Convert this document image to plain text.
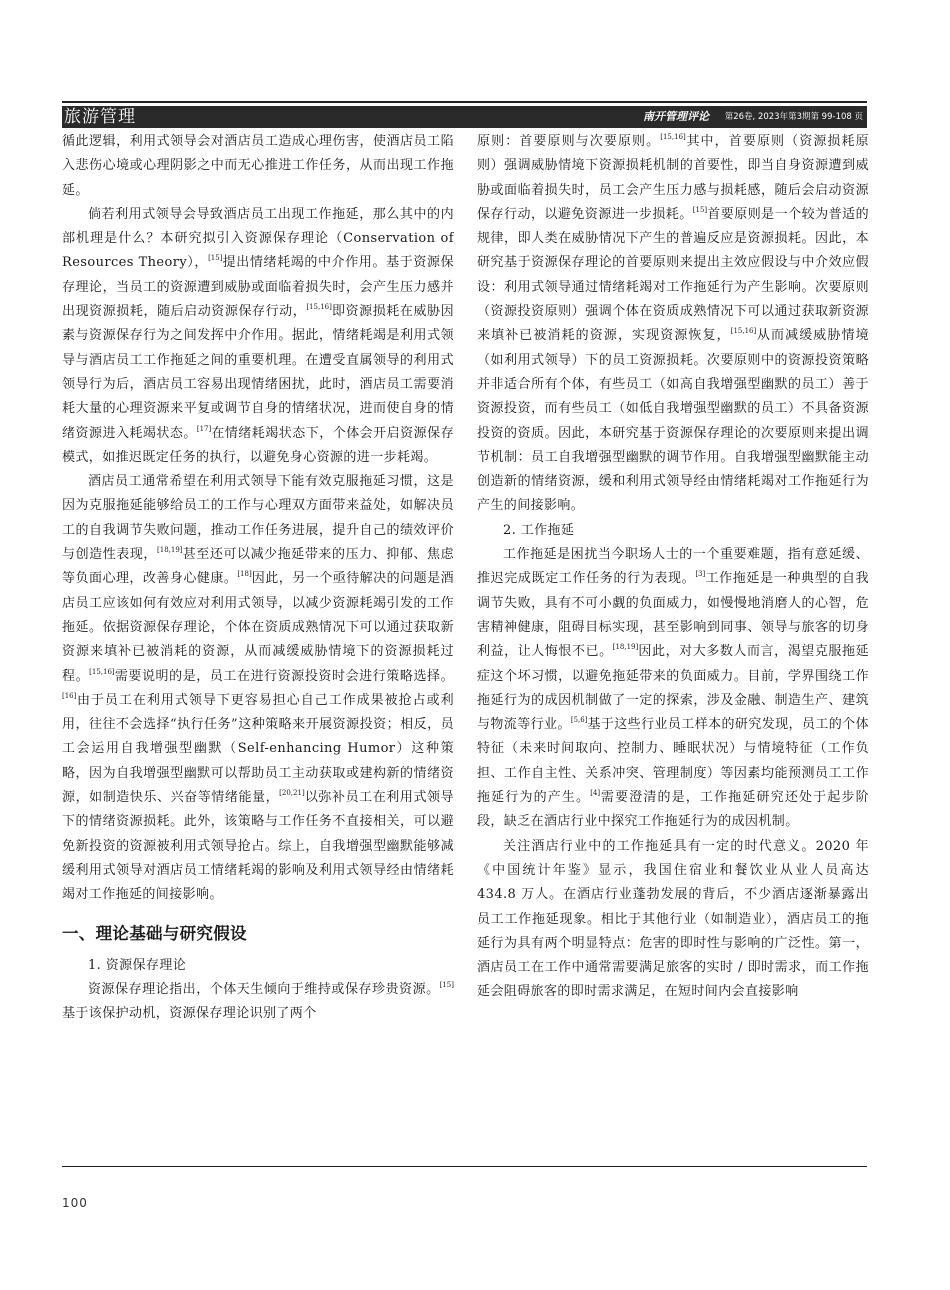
旅游管理	南开管理评论 第26卷, 2023年第3期第 99-108 页

循此逻辑，利用式领导会对酒店员工造成心理伤害，使酒店员工陷入悲伤心境或心理阴影之中而无心推进工作任务，从而出现工作拖延。

倘若利用式领导会导致酒店员工出现工作拖延，那么其中的内部机理是什么？本研究拟引入资源保存理论（Conservation of Resources Theory），[15]提出情绪耗竭的中介作用。基于资源保存理论，当员工的资源遭到威胁或面临着损失时，会产生压力感并出现资源损耗，随后启动资源保存行动，[15,16]即资源损耗在威胁因素与资源保存行为之间发挥中介作用。据此，情绪耗竭是利用式领导与酒店员工工作拖延之间的重要机理。在遭受直属领导的利用式领导行为后，酒店员工容易出现情绪困扰，此时，酒店员工需要消耗大量的心理资源来平复或调节自身的情绪状况，进而使自身的情绪资源进入耗竭状态。[17]在情绪耗竭状态下，个体会开启资源保存模式，如推迟既定任务的执行，以避免身心资源的进一步耗竭。

酒店员工通常希望在利用式领导下能有效克服拖延习惯，这是因为克服拖延能够给员工的工作与心理双方面带来益处，如解决员工的自我调节失败问题，推动工作任务进展，提升自己的绩效评价与创造性表现，[18,19]甚至还可以减少拖延带来的压力、抑郁、焦虑等负面心理，改善身心健康。[18]因此，另一个亟待解决的问题是酒店员工应该如何有效应对利用式领导，以减少资源耗竭引发的工作拖延。依据资源保存理论，个体在资质成熟情况下可以通过获取新资源来填补已被消耗的资源，从而减缓威胁情境下的资源损耗过程。[15,16]需要说明的是，员工在进行资源投资时会进行策略选择。[16]由于员工在利用式领导下更容易担心自己工作成果被抢占或利用，往往不会选择“执行任务”这种策略来开展资源投资；相反，员工会运用自我增强型幽默（Self-enhancing Humor）这种策略，因为自我增强型幽默可以帮助员工主动获取或建构新的情绪资源，如制造快乐、兴奋等情绪能量，[20,21]以弥补员工在利用式领导下的情绪资源损耗。此外，该策略与工作任务不直接相关，可以避免新投资的资源被利用式领导抢占。综上，自我增强型幽默能够减缓利用式领导对酒店员工情绪耗竭的影响及利用式领导经由情绪耗竭对工作拖延的间接影响。

一、理论基础与研究假设

1. 资源保存理论

资源保存理论指出，个体天生倾向于维持或保存珍贵资源。[15]基于该保护动机，资源保存理论识别了两个

原则：首要原则与次要原则。[15,16]其中，首要原则（资源损耗原则）强调威胁情境下资源损耗机制的首要性，即当自身资源遭到威胁或面临着损失时，员工会产生压力感与损耗感，随后会启动资源保存行动，以避免资源进一步损耗。[15]首要原则是一个较为普适的规律，即人类在威胁情况下产生的普遍反应是资源损耗。因此，本研究基于资源保存理论的首要原则来提出主效应假设与中介效应假设：利用式领导通过情绪耗竭对工作拖延行为产生影响。次要原则（资源投资原则）强调个体在资质成熟情况下可以通过获取新资源来填补已被消耗的资源，实现资源恢复，[15,16]从而减缓威胁情境（如利用式领导）下的员工资源损耗。次要原则中的资源投资策略并非适合所有个体，有些员工（如高自我增强型幽默的员工）善于资源投资，而有些员工（如低自我增强型幽默的员工）不具备资源投资的资质。因此，本研究基于资源保存理论的次要原则来提出调节机制：员工自我增强型幽默的调节作用。自我增强型幽默能主动创造新的情绪资源，缓和利用式领导经由情绪耗竭对工作拖延行为产生的间接影响。

2. 工作拖延

工作拖延是困扰当今职场人士的一个重要难题，指有意延缓、推迟完成既定工作任务的行为表现。[3]工作拖延是一种典型的自我调节失败，具有不可小觑的负面威力，如慢慢地消磨人的心智，危害精神健康，阻碍目标实现，甚至影响到同事、领导与旅客的切身利益，让人悔恨不已。[18,19]因此，对大多数人而言，渴望克服拖延症这个坏习惯，以避免拖延带来的负面威力。目前，学界围绕工作拖延行为的成因机制做了一定的探索，涉及金融、制造生产、建筑与物流等行业。[5,6]基于这些行业员工样本的研究发现，员工的个体特征（未来时间取向、控制力、睡眠状况）与情境特征（工作负担、工作自主性、关系冲突、管理制度）等因素均能预测员工工作拖延行为的产生。[4]需要澄清的是，工作拖延研究还处于起步阶段，缺乏在酒店行业中探究工作拖延行为的成因机制。

关注酒店行业中的工作拖延具有一定的时代意义。2020 年《中国统计年鉴》显示，我国住宿业和餐饮业从业人员高达 434.8 万人。在酒店行业蓬勃发展的背后，不少酒店逐渐暴露出员工工作拖延现象。相比于其他行业（如制造业），酒店员工的拖延行为具有两个明显特点：危害的即时性与影响的广泛性。第一，酒店员工在工作中通常需要满足旅客的实时 / 即时需求，而工作拖延会阻碍旅客的即时需求满足，在短时间内会直接影响

100
